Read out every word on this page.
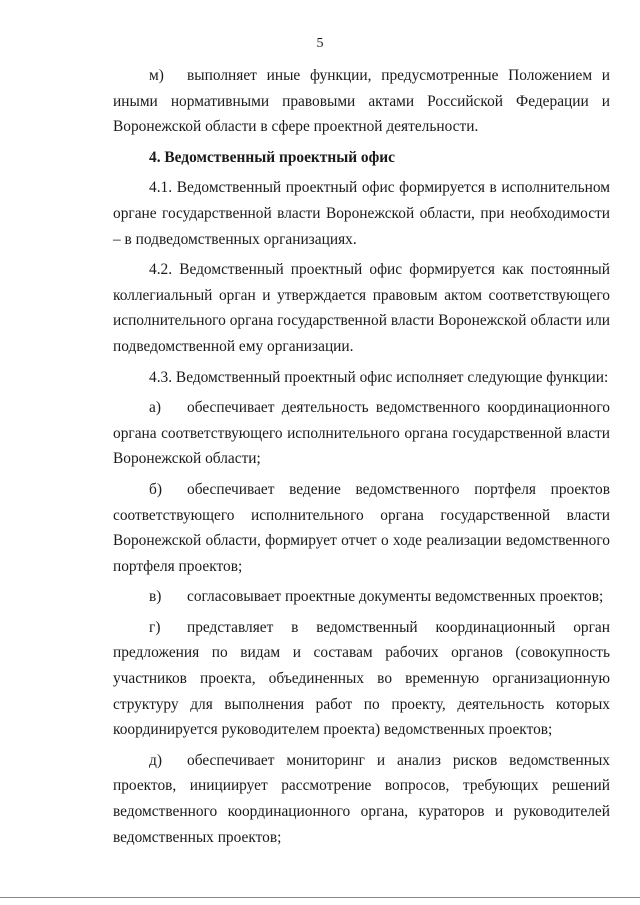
5

м) выполняет иные функции, предусмотренные Положением и иными нормативными правовыми актами Российской Федерации и Воронежской области в сфере проектной деятельности.

4. Ведомственный проектный офис

4.1. Ведомственный проектный офис формируется в исполнительном органе государственной власти Воронежской области, при необходимости – в подведомственных организациях.

4.2. Ведомственный проектный офис формируется как постоянный коллегиальный орган и утверждается правовым актом соответствующего исполнительного органа государственной власти Воронежской области или подведомственной ему организации.

4.3. Ведомственный проектный офис исполняет следующие функции:

а) обеспечивает деятельность ведомственного координационного органа соответствующего исполнительного органа государственной власти Воронежской области;

б) обеспечивает ведение ведомственного портфеля проектов соответствующего исполнительного органа государственной власти Воронежской области, формирует отчет о ходе реализации ведомственного портфеля проектов;

в) согласовывает проектные документы ведомственных проектов;

г) представляет в ведомственный координационный орган предложения по видам и составам рабочих органов (совокупность участников проекта, объединенных во временную организационную структуру для выполнения работ по проекту, деятельность которых координируется руководителем проекта) ведомственных проектов;

д) обеспечивает мониторинг и анализ рисков ведомственных проектов, инициирует рассмотрение вопросов, требующих решений ведомственного координационного органа, кураторов и руководителей ведомственных проектов;
